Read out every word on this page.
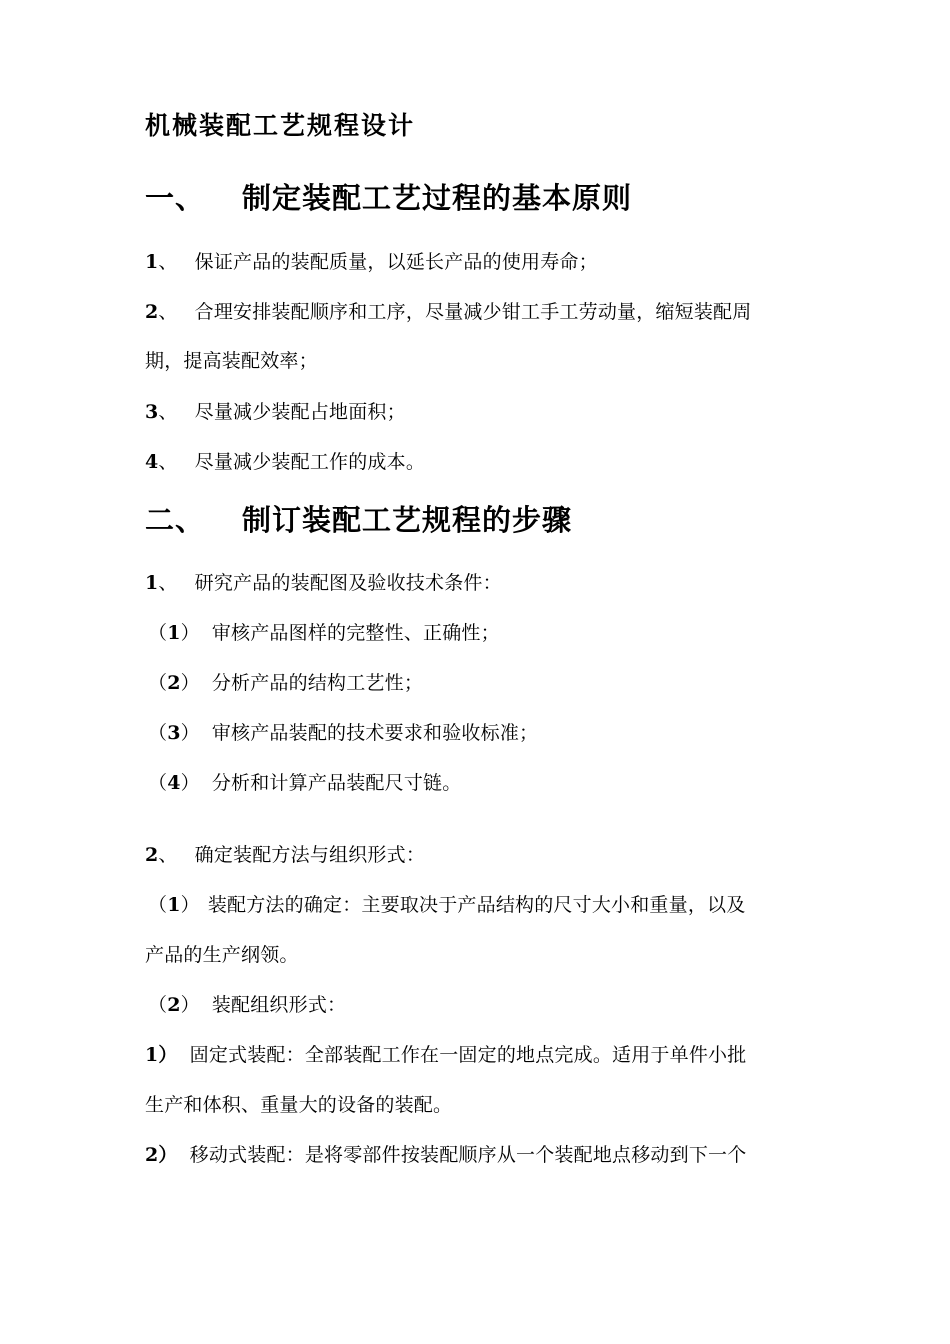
机械装配工艺规程设计
一、 制定装配工艺过程的基本原则
1、 保证产品的装配质量，以延长产品的使用寿命；
2、 合理安排装配顺序和工序，尽量减少钳工手工劳动量，缩短装配周
期，提高装配效率；
3、 尽量减少装配占地面积；
4、 尽量减少装配工作的成本。
二、 制订装配工艺规程的步骤
1、 研究产品的装配图及验收技术条件：
（1） 审核产品图样的完整性、正确性；
（2） 分析产品的结构工艺性；
（3） 审核产品装配的技术要求和验收标准；
（4） 分析和计算产品装配尺寸链。
2、 确定装配方法与组织形式：
（1） 装配方法的确定：主要取决于产品结构的尺寸大小和重量，以及
产品的生产纲领。
（2） 装配组织形式：
1） 固定式装配：全部装配工作在一固定的地点完成。适用于单件小批
生产和体积、重量大的设备的装配。
2） 移动式装配：是将零部件按装配顺序从一个装配地点移动到下一个
